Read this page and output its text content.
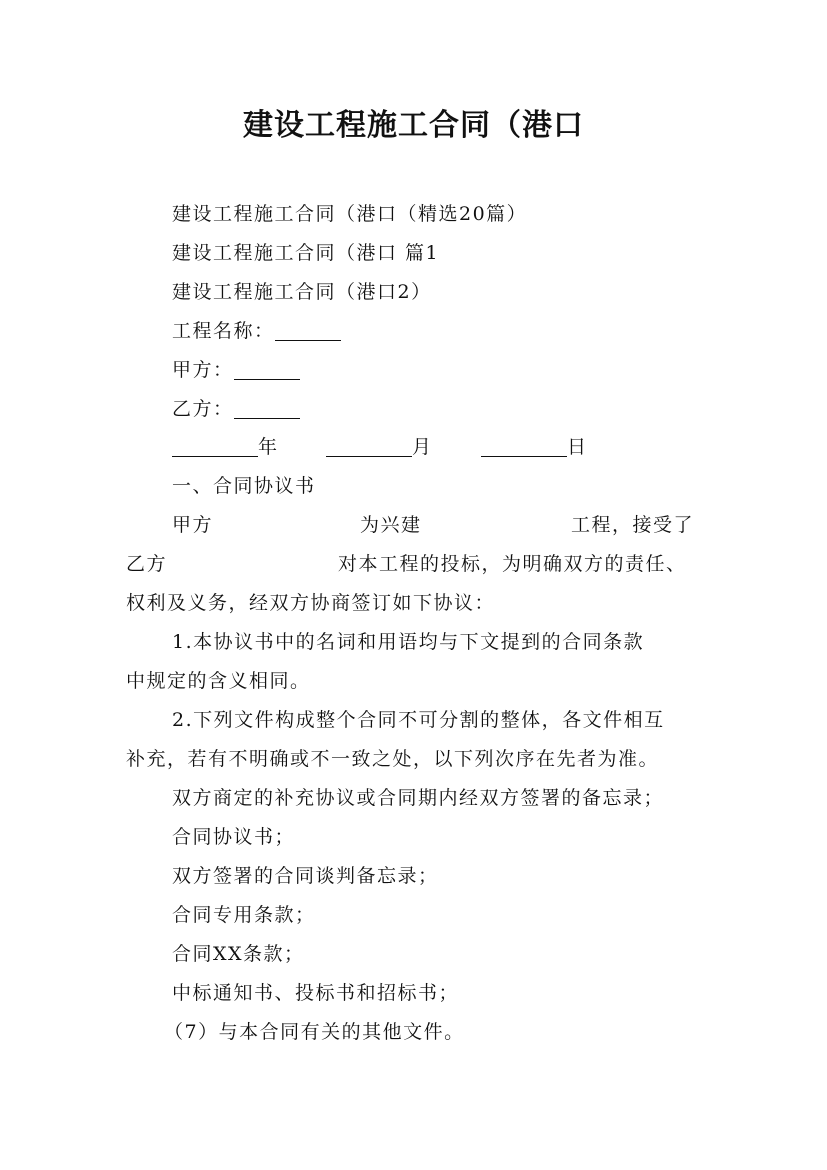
建设工程施工合同（港口
建设工程施工合同（港口（精选20篇）
建设工程施工合同（港口 篇1
建设工程施工合同（港口2）
工程名称：
甲方：
乙方：
年	月	日
一、合同协议书
甲方	为兴建	工程，接受了
乙方	对本工程的投标，为明确双方的责任、
权利及义务，经双方协商签订如下协议：
1.本协议书中的名词和用语均与下文提到的合同条款
中规定的含义相同。
2.下列文件构成整个合同不可分割的整体，各文件相互
补充，若有不明确或不一致之处，以下列次序在先者为准。
双方商定的补充协议或合同期内经双方签署的备忘录；
合同协议书；
双方签署的合同谈判备忘录；
合同专用条款；
合同XX条款；
中标通知书、投标书和招标书；
（7）与本合同有关的其他文件。
